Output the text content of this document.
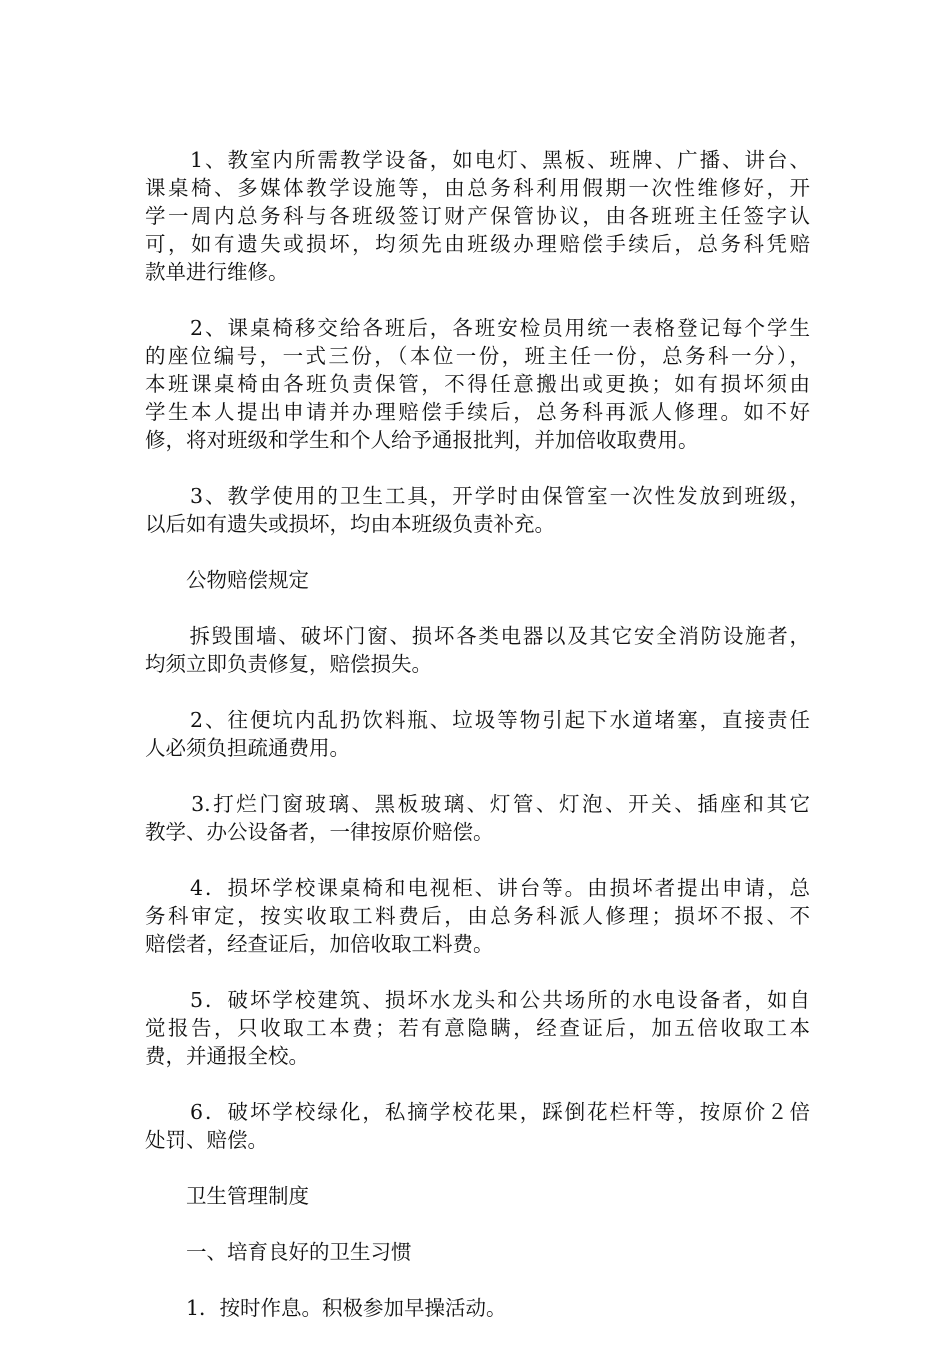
　　1、教室内所需教学设备，如电灯、黑板、班牌、广播、讲台、
课桌椅、多媒体教学设施等，由总务科利用假期一次性维修好，开
学一周内总务科与各班级签订财产保管协议，由各班班主任签字认
可，如有遗失或损坏，均须先由班级办理赔偿手续后，总务科凭赔
款单进行维修。
　　2、课桌椅移交给各班后，各班安检员用统一表格登记每个学生
的座位编号，一式三份，（本位一份，班主任一份，总务科一分），
本班课桌椅由各班负责保管，不得任意搬出或更换；如有损坏须由
学生本人提出申请并办理赔偿手续后，总务科再派人修理。如不好
修，将对班级和学生和个人给予通报批判，并加倍收取费用。
　　3、教学使用的卫生工具，开学时由保管室一次性发放到班级，
以后如有遗失或损坏，均由本班级负责补充。
　　公物赔偿规定
　　拆毁围墙、破坏门窗、损坏各类电器以及其它安全消防设施者，
均须立即负责修复，赔偿损失。
　　2、往便坑内乱扔饮料瓶、垃圾等物引起下水道堵塞，直接责任
人必须负担疏通费用。
　　3.打烂门窗玻璃、黑板玻璃、灯管、灯泡、开关、插座和其它
教学、办公设备者，一律按原价赔偿。
　　4．损坏学校课桌椅和电视柜、讲台等。由损坏者提出申请，总
务科审定，按实收取工料费后，由总务科派人修理；损坏不报、不
赔偿者，经查证后，加倍收取工料费。
　　5．破坏学校建筑、损坏水龙头和公共场所的水电设备者，如自
觉报告，只收取工本费；若有意隐瞒，经查证后，加五倍收取工本
费，并通报全校。
　　6．破坏学校绿化，私摘学校花果，踩倒花栏杆等，按原价２倍
处罚、赔偿。
　　卫生管理制度
　　一、培育良好的卫生习惯
　　1．按时作息。积极参加早操活动。
